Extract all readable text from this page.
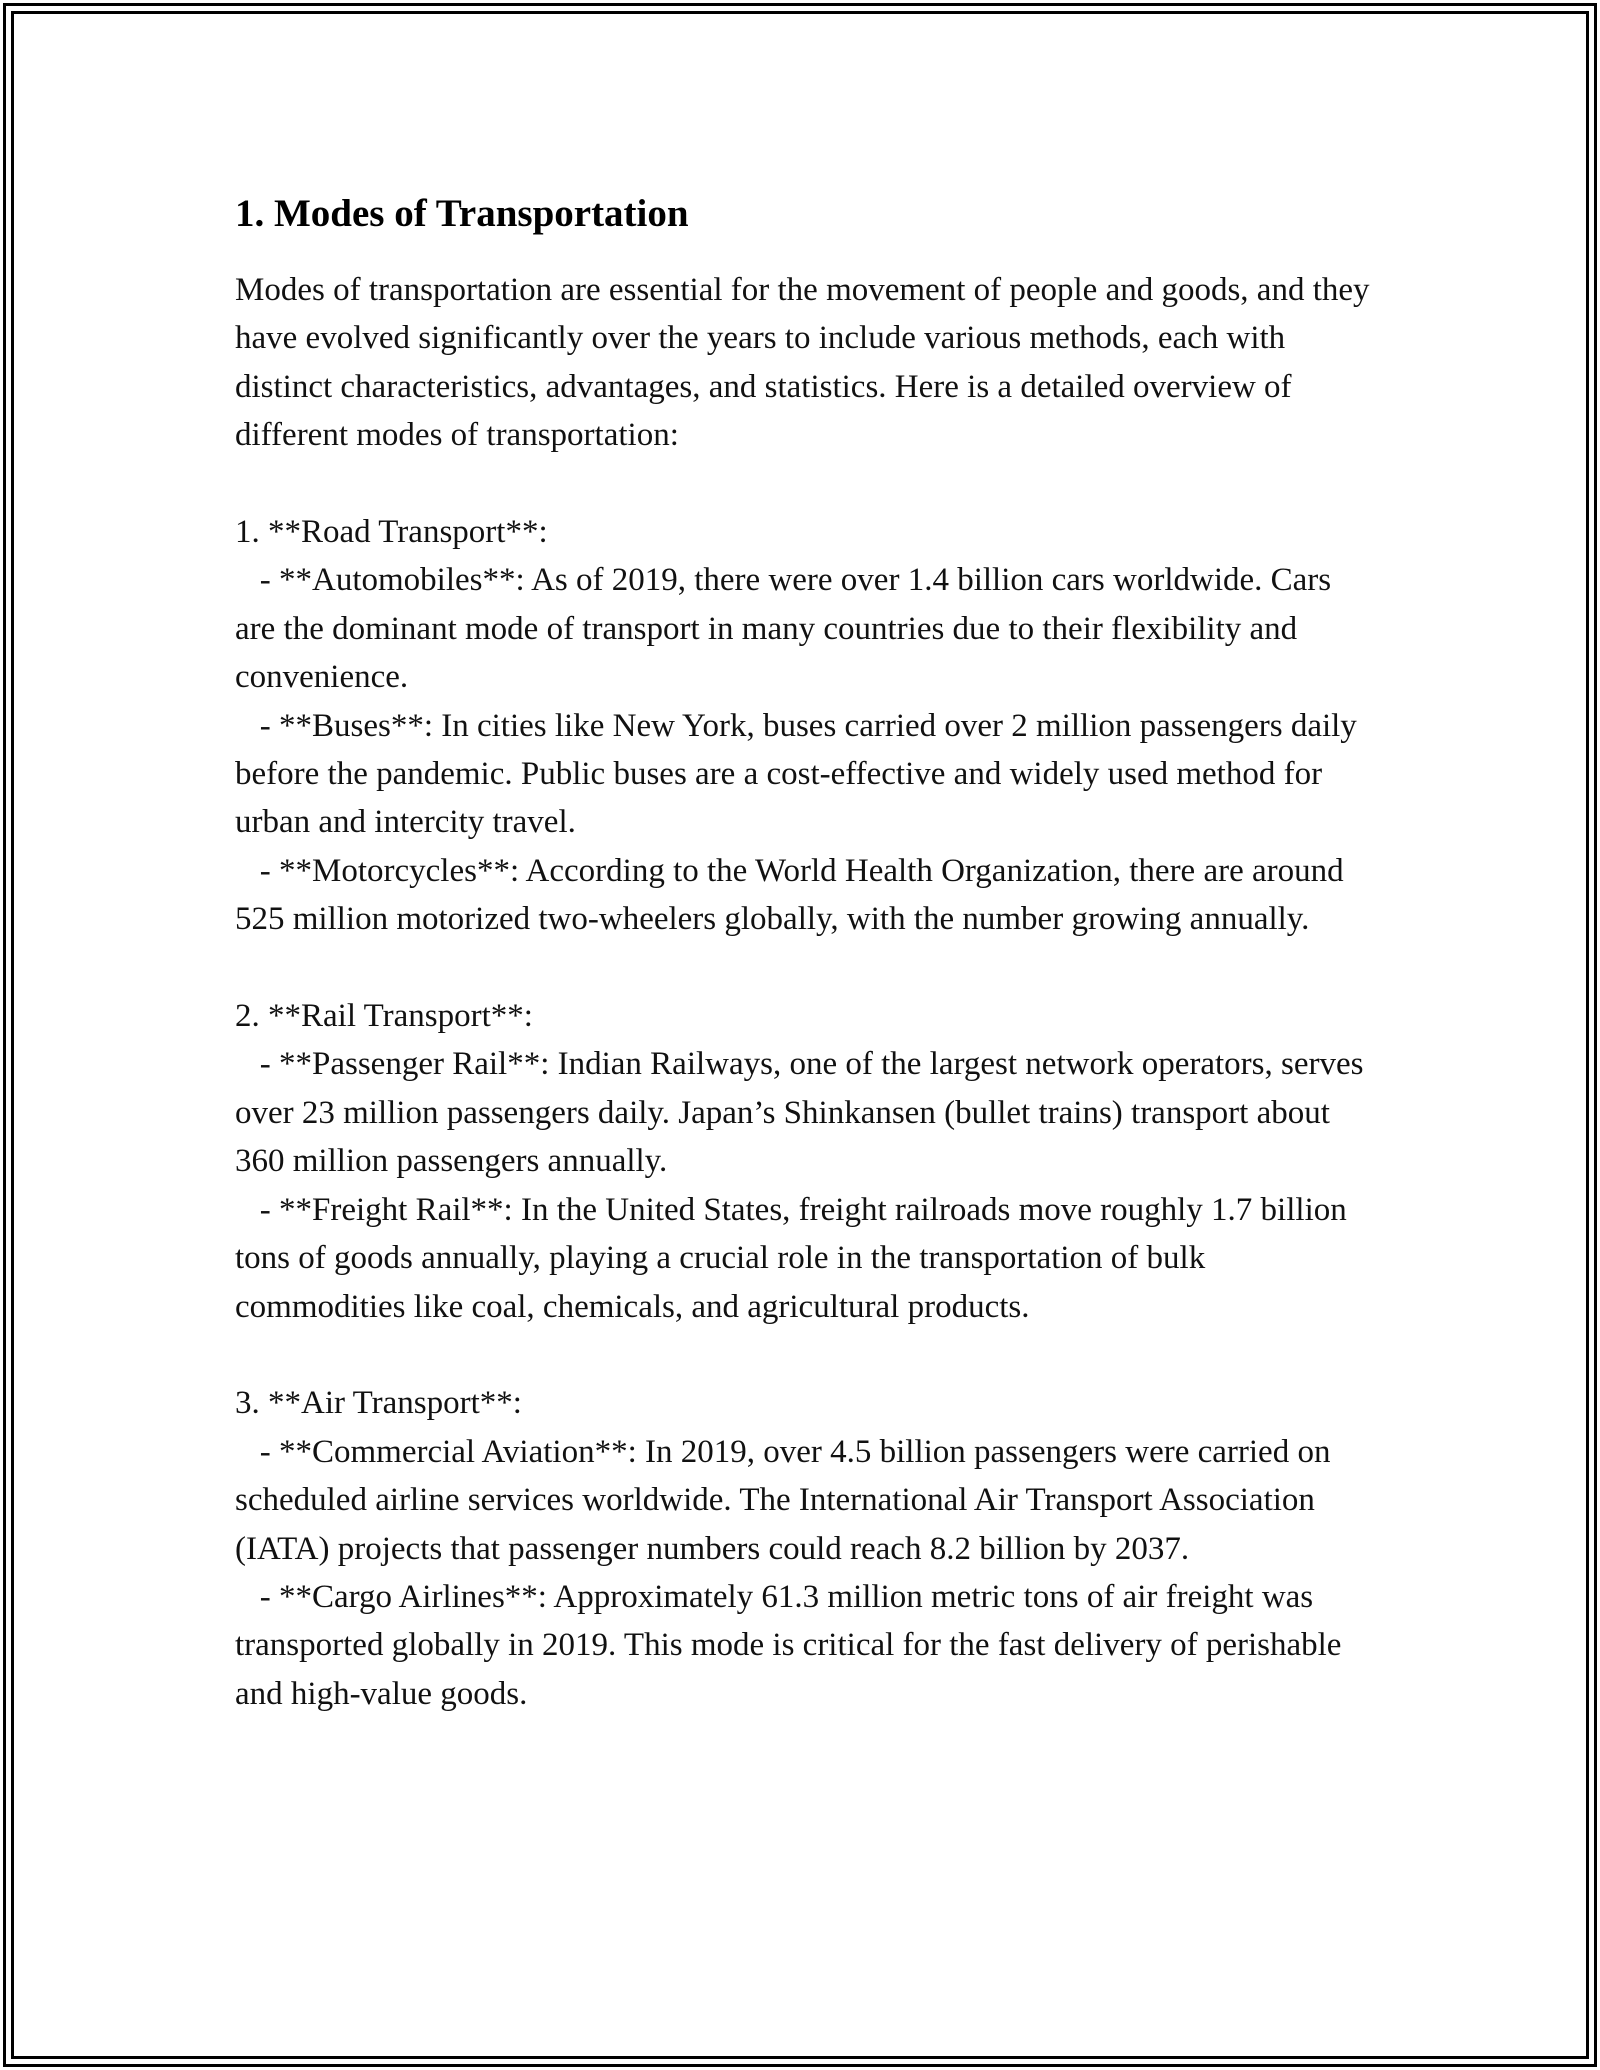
1. Modes of Transportation

Modes of transportation are essential for the movement of people and goods, and they have evolved significantly over the years to include various methods, each with distinct characteristics, advantages, and statistics. Here is a detailed overview of different modes of transportation:

1. **Road Transport**:

- **Automobiles**: As of 2019, there were over 1.4 billion cars worldwide. Cars are the dominant mode of transport in many countries due to their flexibility and convenience.

- **Buses**: In cities like New York, buses carried over 2 million passengers daily before the pandemic. Public buses are a cost-effective and widely used method for urban and intercity travel.

- **Motorcycles**: According to the World Health Organization, there are around 525 million motorized two-wheelers globally, with the number growing annually.

2. **Rail Transport**:

- **Passenger Rail**: Indian Railways, one of the largest network operators, serves over 23 million passengers daily. Japan’s Shinkansen (bullet trains) transport about 360 million passengers annually.

- **Freight Rail**: In the United States, freight railroads move roughly 1.7 billion tons of goods annually, playing a crucial role in the transportation of bulk commodities like coal, chemicals, and agricultural products.

3. **Air Transport**:

- **Commercial Aviation**: In 2019, over 4.5 billion passengers were carried on scheduled airline services worldwide. The International Air Transport Association (IATA) projects that passenger numbers could reach 8.2 billion by 2037.

- **Cargo Airlines**: Approximately 61.3 million metric tons of air freight was transported globally in 2019. This mode is critical for the fast delivery of perishable and high-value goods.
